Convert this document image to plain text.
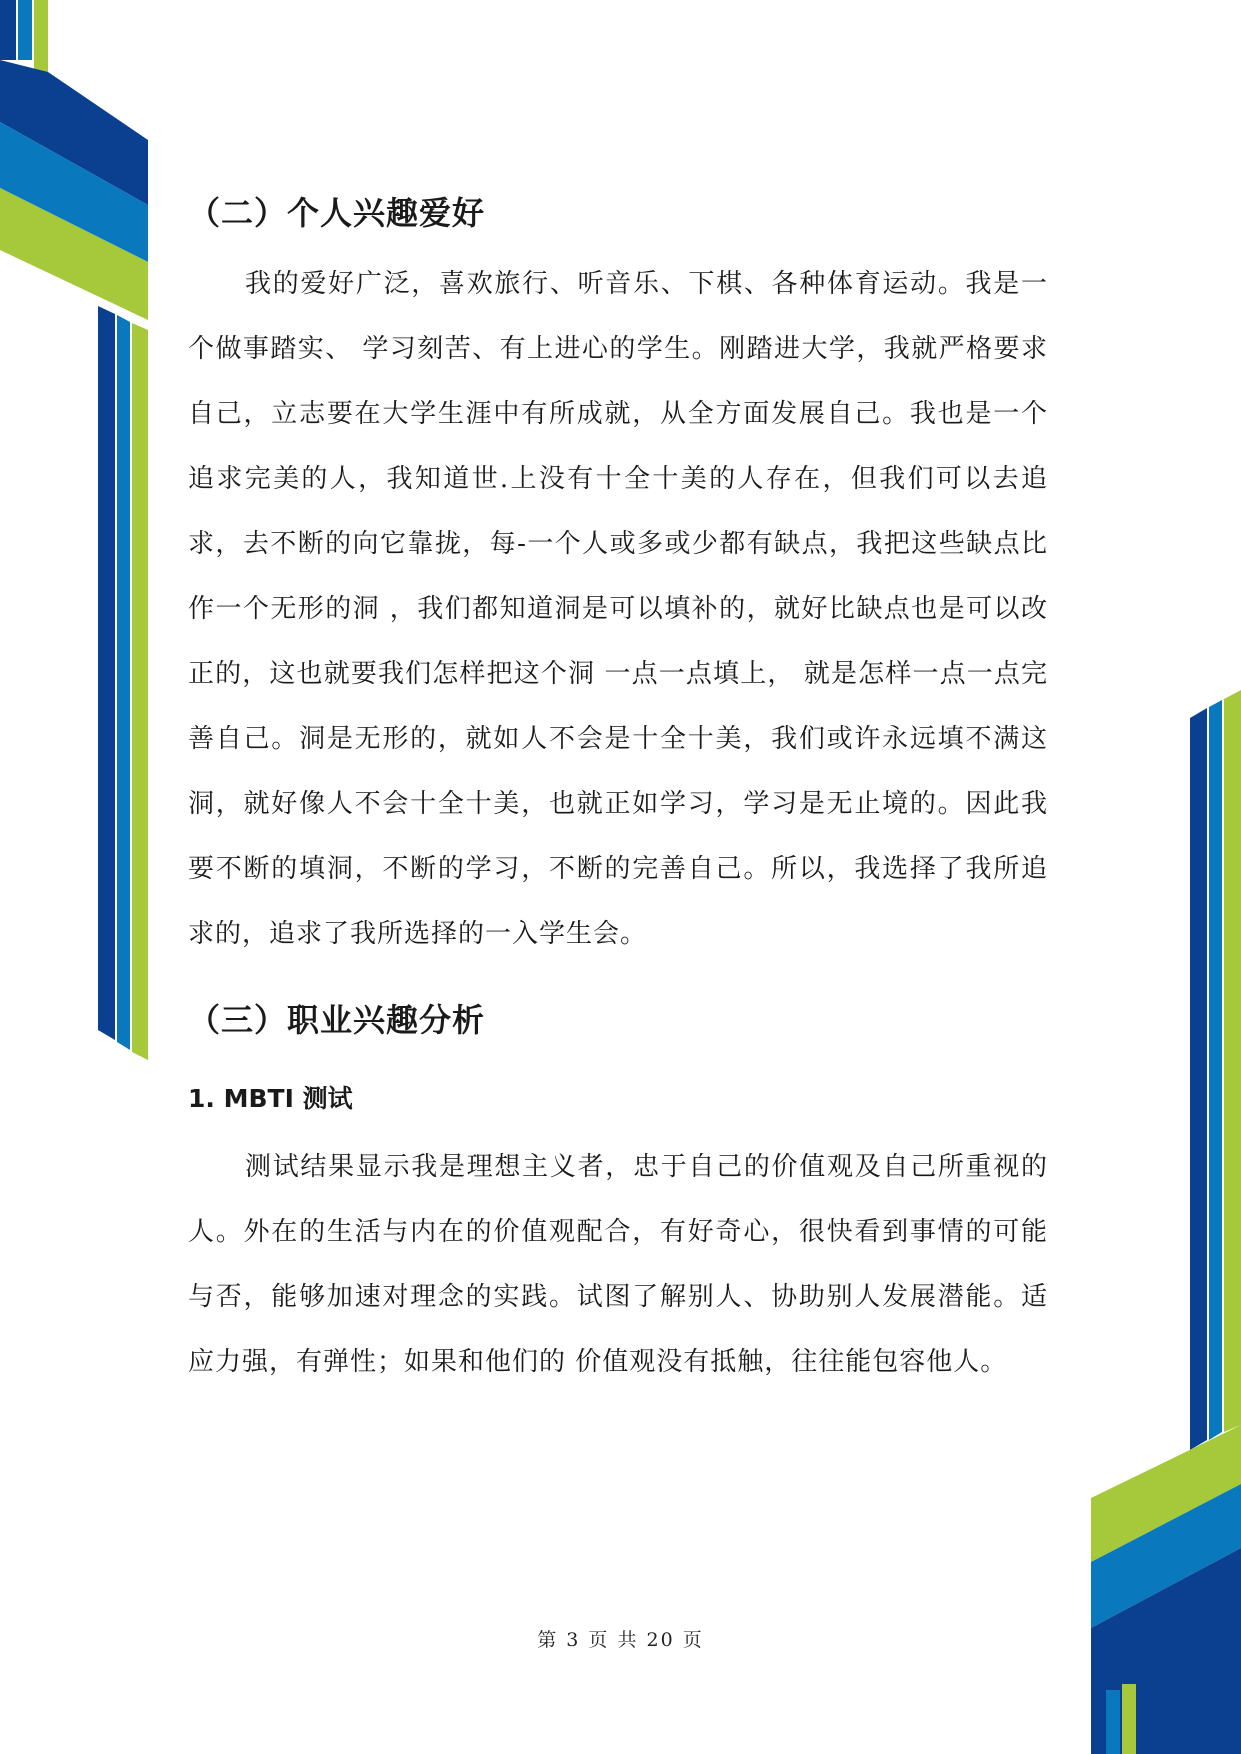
（二）个人兴趣爱好

我的爱好广泛，喜欢旅行、听音乐、下棋、各种体育运动。我是一个做事踏实、 学习刻苦、有上进心的学生。刚踏进大学，我就严格要求自己，立志要在大学生涯中有所成就，从全方面发展自己。我也是一个追求完美的人，我知道世.上没有十全十美的人存在，但我们可以去追求，去不断的向它靠拢，每-一个人或多或少都有缺点，我把这些缺点比作一个无形的洞 ，我们都知道洞是可以填补的，就好比缺点也是可以改正的，这也就要我们怎样把这个洞 一点一点填上， 就是怎样一点一点完善自己。洞是无形的，就如人不会是十全十美，我们或许永远填不满这洞，就好像人不会十全十美，也就正如学习，学习是无止境的。因此我要不断的填洞，不断的学习，不断的完善自己。所以，我选择了我所追求的，追求了我所选择的一入学生会。

（三）职业兴趣分析
1. MBTI 测试

测试结果显示我是理想主义者，忠于自己的价值观及自己所重视的人。外在的生活与内在的价值观配合，有好奇心，很快看到事情的可能与否，能够加速对理念的实践。试图了解别人、协助别人发展潜能。适应力强，有弹性；如果和他们的 价值观没有抵触，往往能包容他人。

第 3 页 共 20 页
